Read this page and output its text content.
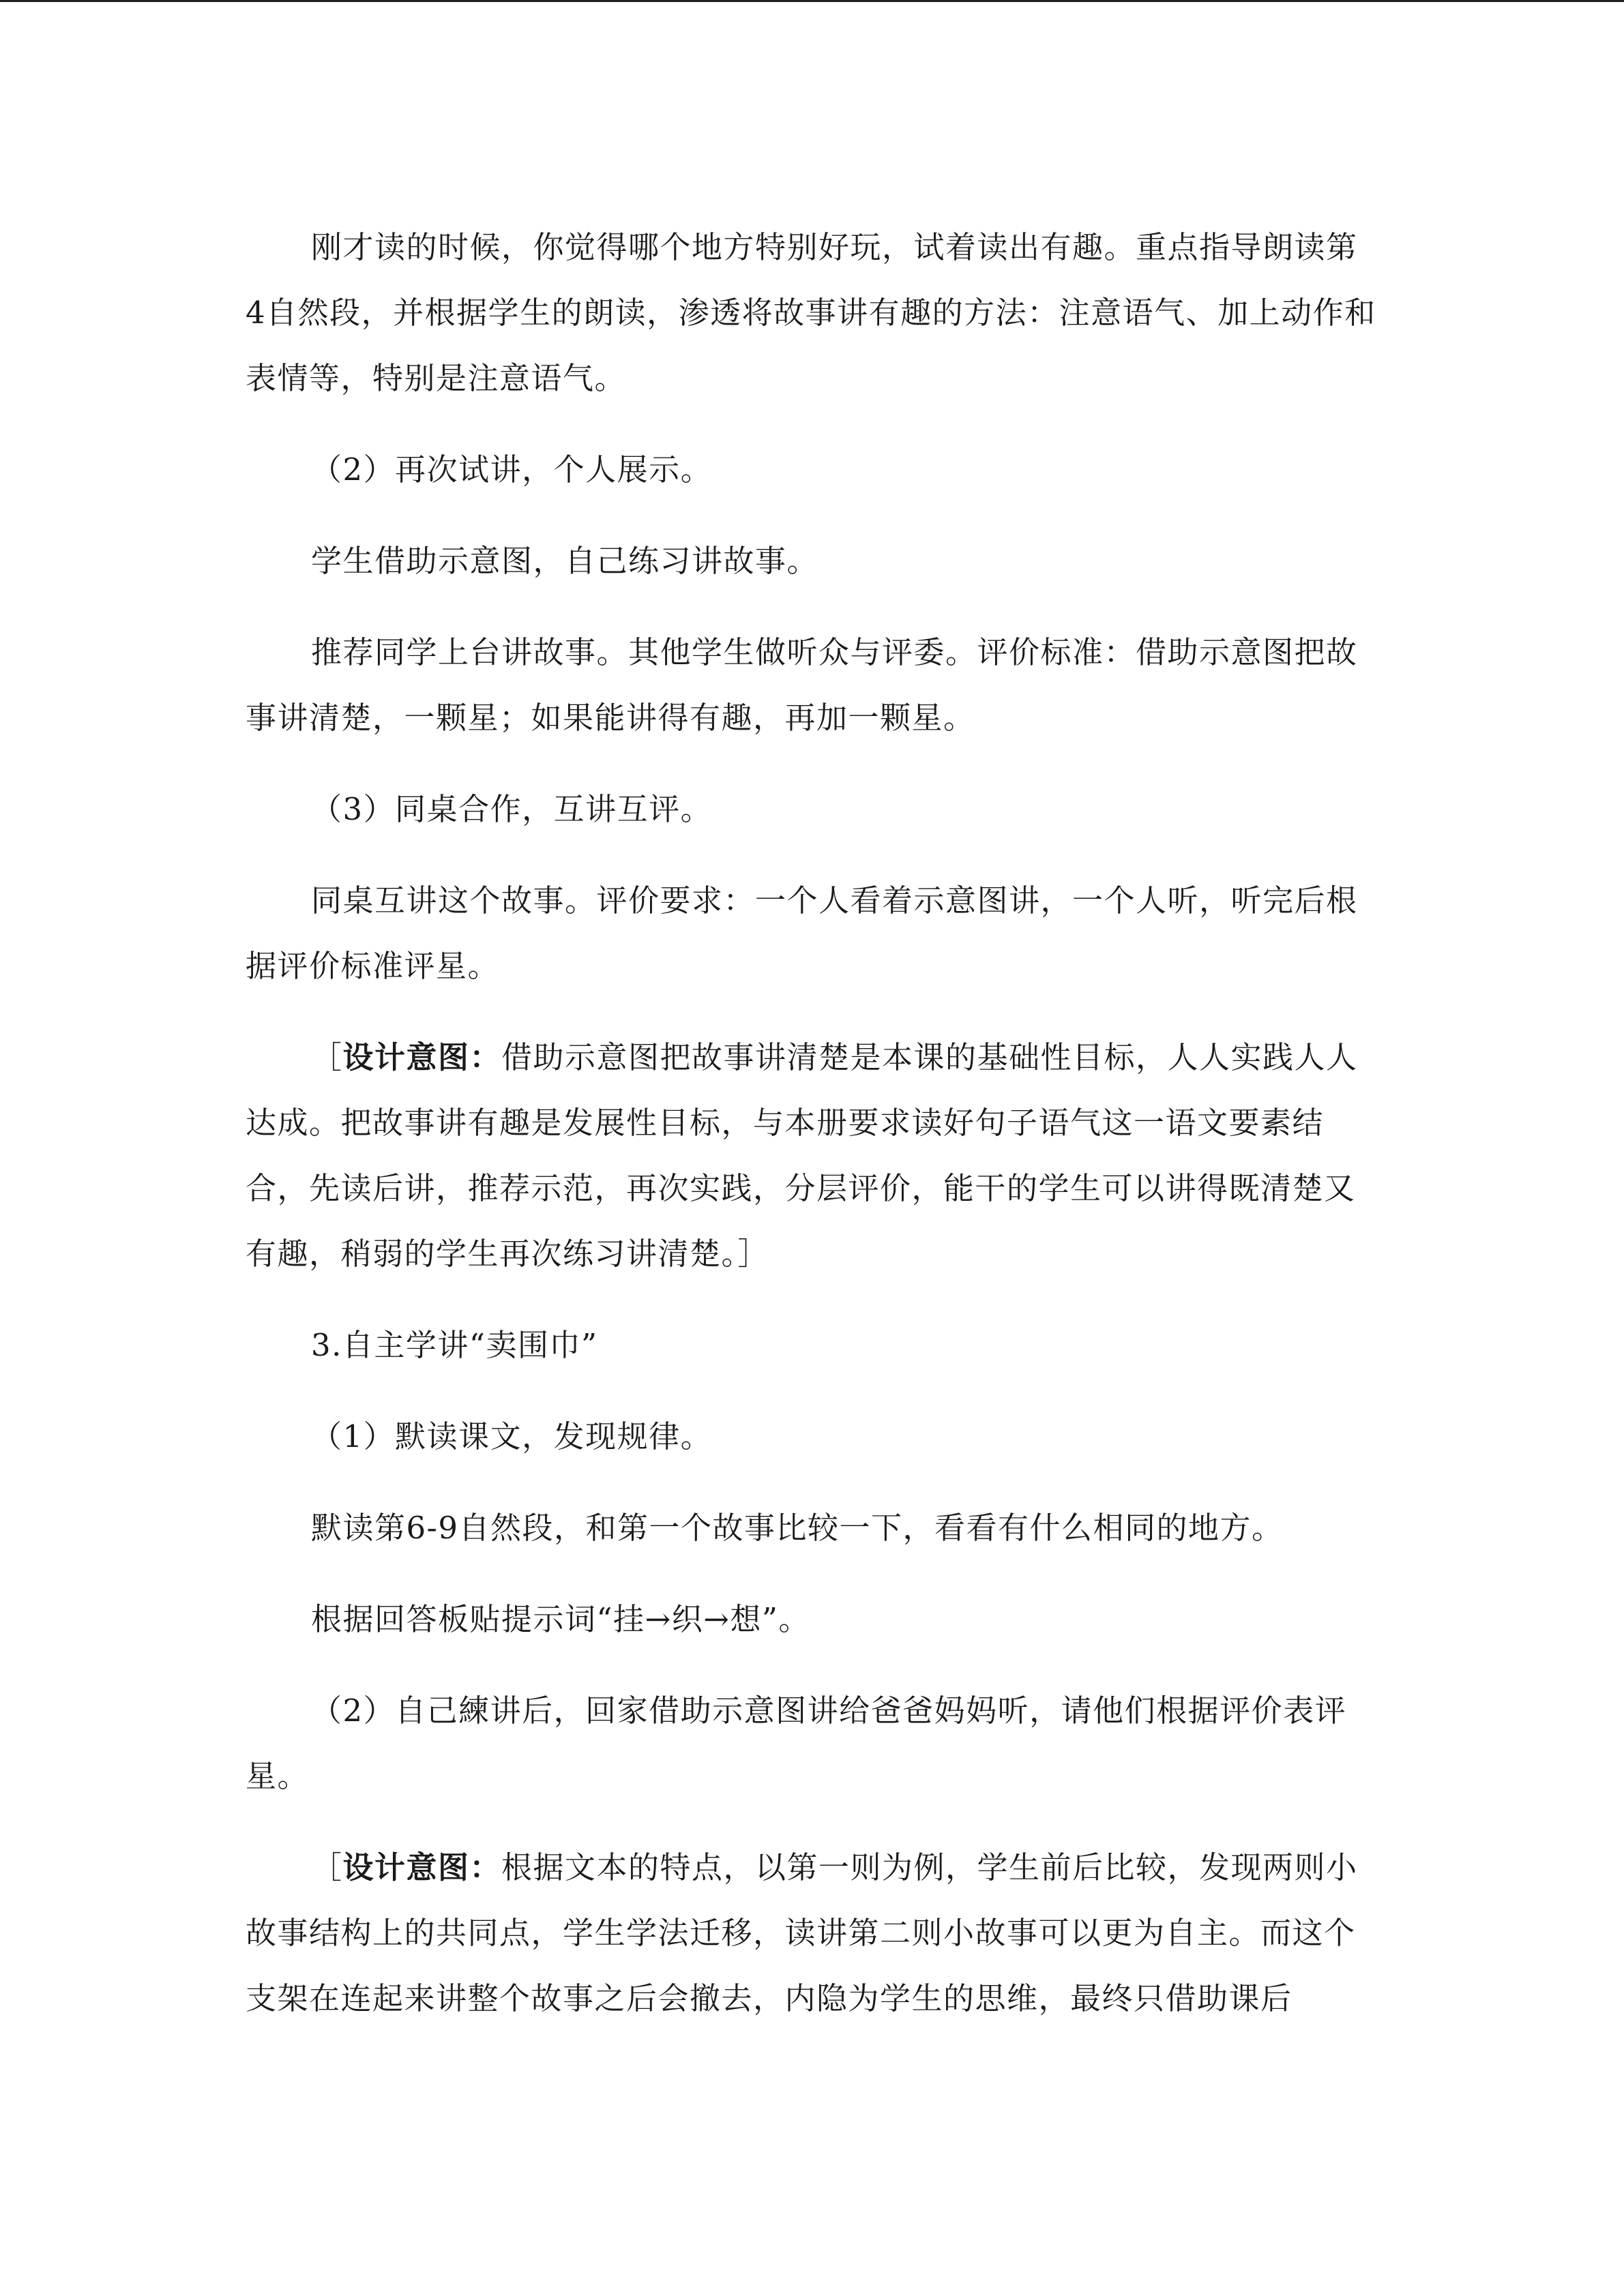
刚才读的时候，你觉得哪个地方特别好玩，试着读出有趣。重点指导朗读第4自然段，并根据学生的朗读，渗透将故事讲有趣的方法：注意语气、加上动作和表情等，特别是注意语气。

（2）再次试讲，个人展示。

学生借助示意图，自己练习讲故事。

推荐同学上台讲故事。其他学生做听众与评委。评价标准：借助示意图把故事讲清楚，一颗星；如果能讲得有趣，再加一颗星。

（3）同桌合作，互讲互评。

同桌互讲这个故事。评价要求：一个人看着示意图讲，一个人听，听完后根据评价标准评星。

［设计意图：借助示意图把故事讲清楚是本课的基础性目标，人人实践人人达成。把故事讲有趣是发展性目标，与本册要求读好句子语气这一语文要素结合，先读后讲，推荐示范，再次实践，分层评价，能干的学生可以讲得既清楚又有趣，稍弱的学生再次练习讲清楚。］

3.自主学讲“卖围巾”

（1）默读课文，发现规律。

默读第6-9自然段，和第一个故事比较一下，看看有什么相同的地方。

根据回答板贴提示词“挂→织→想”。

（2）自己練讲后，回家借助示意图讲给爸爸妈妈听，请他们根据评价表评星。

［设计意图：根据文本的特点，以第一则为例，学生前后比较，发现两则小故事结构上的共同点，学生学法迁移，读讲第二则小故事可以更为自主。而这个支架在连起来讲整个故事之后会撤去，内隐为学生的思维，最终只借助课后
